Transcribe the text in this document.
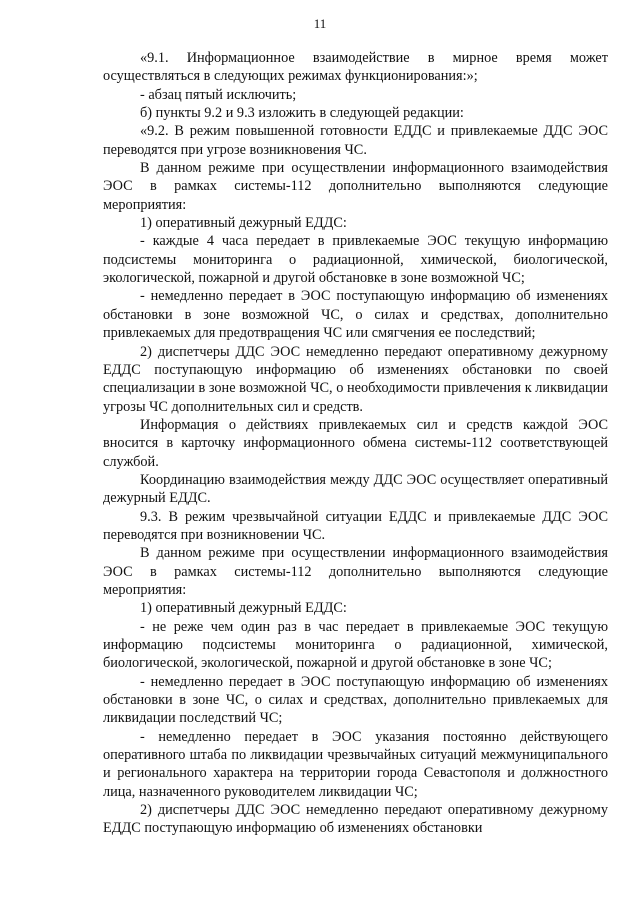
11

«9.1. Информационное взаимодействие в мирное время может осуществляться в следующих режимах функционирования:»;

- абзац пятый исключить;

б) пункты 9.2 и 9.3 изложить в следующей редакции:

«9.2. В режим повышенной готовности ЕДДС и привлекаемые ДДС ЭОС переводятся при угрозе возникновения ЧС.

В данном режиме при осуществлении информационного взаимодействия ЭОС в рамках системы-112 дополнительно выполняются следующие мероприятия:

1) оперативный дежурный ЕДДС:

- каждые 4 часа передает в привлекаемые ЭОС текущую информацию подсистемы мониторинга о радиационной, химической, биологической, экологической, пожарной и другой обстановке в зоне возможной ЧС;

- немедленно передает в ЭОС поступающую информацию об изменениях обстановки в зоне возможной ЧС, о силах и средствах, дополнительно привлекаемых для предотвращения ЧС или смягчения ее последствий;

2) диспетчеры ДДС ЭОС немедленно передают оперативному дежурному ЕДДС поступающую информацию об изменениях обстановки по своей специализации в зоне возможной ЧС, о необходимости привлечения к ликвидации угрозы ЧС дополнительных сил и средств.

Информация о действиях привлекаемых сил и средств каждой ЭОС вносится в карточку информационного обмена системы-112 соответствующей службой.

Координацию взаимодействия между ДДС ЭОС осуществляет оперативный дежурный ЕДДС.

9.3. В режим чрезвычайной ситуации ЕДДС и привлекаемые ДДС ЭОС переводятся при возникновении ЧС.

В данном режиме при осуществлении информационного взаимодействия ЭОС в рамках системы-112 дополнительно выполняются следующие мероприятия:

1) оперативный дежурный ЕДДС:

- не реже чем один раз в час передает в привлекаемые ЭОС текущую информацию подсистемы мониторинга о радиационной, химической, биологической, экологической, пожарной и другой обстановке в зоне ЧС;

- немедленно передает в ЭОС поступающую информацию об изменениях обстановки в зоне ЧС, о силах и средствах, дополнительно привлекаемых для ликвидации последствий ЧС;

- немедленно передает в ЭОС указания постоянно действующего оперативного штаба по ликвидации чрезвычайных ситуаций межмуниципального и регионального характера на территории города Севастополя и должностного лица, назначенного руководителем ликвидации ЧС;

2) диспетчеры ДДС ЭОС немедленно передают оперативному дежурному ЕДДС поступающую информацию об изменениях обстановки
